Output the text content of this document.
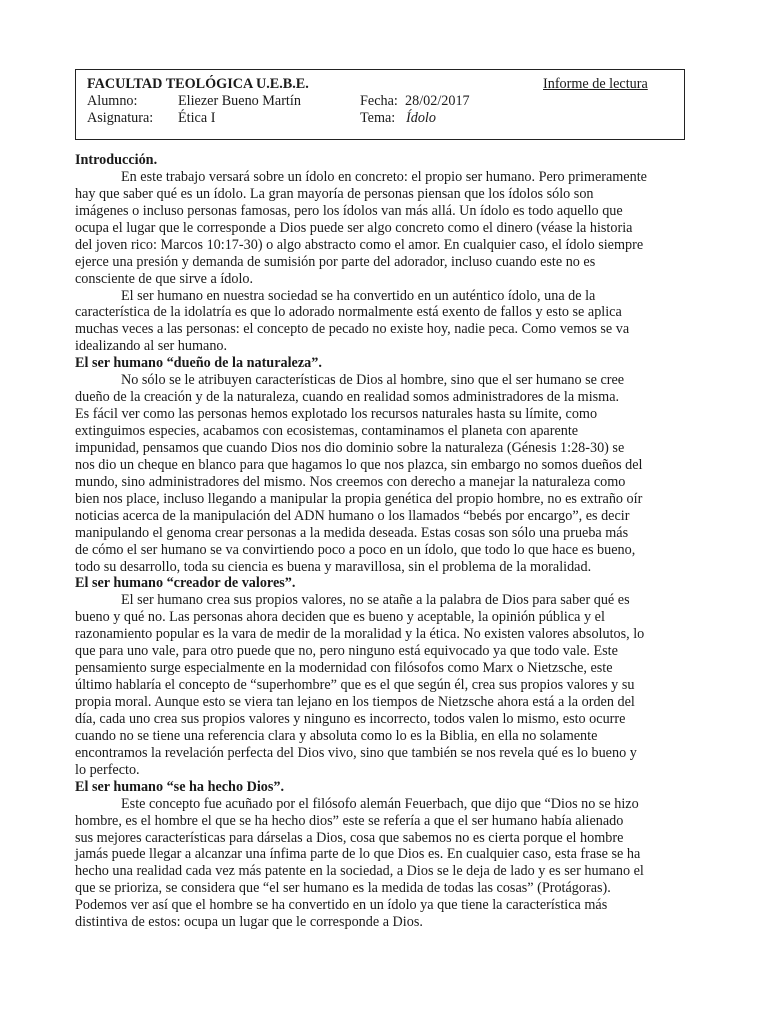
FACULTAD TEOLÓGICA U.E.B.E.	Informe de lectura
Alumno:	Eliezer Bueno Martín	Fecha: 28/02/2017
Asignatura: Ética I	Tema: Ídolo
Introducción.
En este trabajo versará sobre un ídolo en concreto: el propio ser humano. Pero primeramente
hay que saber qué es un ídolo. La gran mayoría de personas piensan que los ídolos sólo son
imágenes o incluso personas famosas, pero los ídolos van más allá. Un ídolo es todo aquello que
ocupa el lugar que le corresponde a Dios puede ser algo concreto como el dinero (véase la historia
del joven rico: Marcos 10:17-30) o algo abstracto como el amor. En cualquier caso, el ídolo siempre
ejerce una presión y demanda de sumisión por parte del adorador, incluso cuando este no es
consciente de que sirve a ídolo.
El ser humano en nuestra sociedad se ha convertido en un auténtico ídolo, una de la
característica de la idolatría es que lo adorado normalmente está exento de fallos y esto se aplica
muchas veces a las personas: el concepto de pecado no existe hoy, nadie peca. Como vemos se va
idealizando al ser humano.
El ser humano “dueño de la naturaleza”.
No sólo se le atribuyen características de Dios al hombre, sino que el ser humano se cree
dueño de la creación y de la naturaleza, cuando en realidad somos administradores de la misma.
Es fácil ver como las personas hemos explotado los recursos naturales hasta su límite, como
extinguimos especies, acabamos con ecosistemas, contaminamos el planeta con aparente
impunidad, pensamos que cuando Dios nos dio dominio sobre la naturaleza (Génesis 1:28-30) se
nos dio un cheque en blanco para que hagamos lo que nos plazca, sin embargo no somos dueños del
mundo, sino administradores del mismo. Nos creemos con derecho a manejar la naturaleza como
bien nos place, incluso llegando a manipular la propia genética del propio hombre, no es extraño oír
noticias acerca de la manipulación del ADN humano o los llamados “bebés por encargo”, es decir
manipulando el genoma crear personas a la medida deseada. Estas cosas son sólo una prueba más
de cómo el ser humano se va convirtiendo poco a poco en un ídolo, que todo lo que hace es bueno,
todo su desarrollo, toda su ciencia es buena y maravillosa, sin el problema de la moralidad.
El ser humano “creador de valores”.
El ser humano crea sus propios valores, no se atañe a la palabra de Dios para saber qué es
bueno y qué no. Las personas ahora deciden que es bueno y aceptable, la opinión pública y el
razonamiento popular es la vara de medir de la moralidad y la ética. No existen valores absolutos, lo
que para uno vale, para otro puede que no, pero ninguno está equivocado ya que todo vale. Este
pensamiento surge especialmente en la modernidad con filósofos como Marx o Nietzsche, este
último hablaría el concepto de “superhombre” que es el que según él, crea sus propios valores y su
propia moral. Aunque esto se viera tan lejano en los tiempos de Nietzsche ahora está a la orden del
día, cada uno crea sus propios valores y ninguno es incorrecto, todos valen lo mismo, esto ocurre
cuando no se tiene una referencia clara y absoluta como lo es la Biblia, en ella no solamente
encontramos la revelación perfecta del Dios vivo, sino que también se nos revela qué es lo bueno y
lo perfecto.
El ser humano “se ha hecho Dios”.
Este concepto fue acuñado por el filósofo alemán Feuerbach, que dijo que “Dios no se hizo
hombre, es el hombre el que se ha hecho dios” este se refería a que el ser humano había alienado
sus mejores características para dárselas a Dios, cosa que sabemos no es cierta porque el hombre
jamás puede llegar a alcanzar una ínfima parte de lo que Dios es. En cualquier caso, esta frase se ha
hecho una realidad cada vez más patente en la sociedad, a Dios se le deja de lado y es ser humano el
que se prioriza, se considera que “el ser humano es la medida de todas las cosas” (Protágoras).
Podemos ver así que el hombre se ha convertido en un ídolo ya que tiene la característica más
distintiva de estos: ocupa un lugar que le corresponde a Dios.
